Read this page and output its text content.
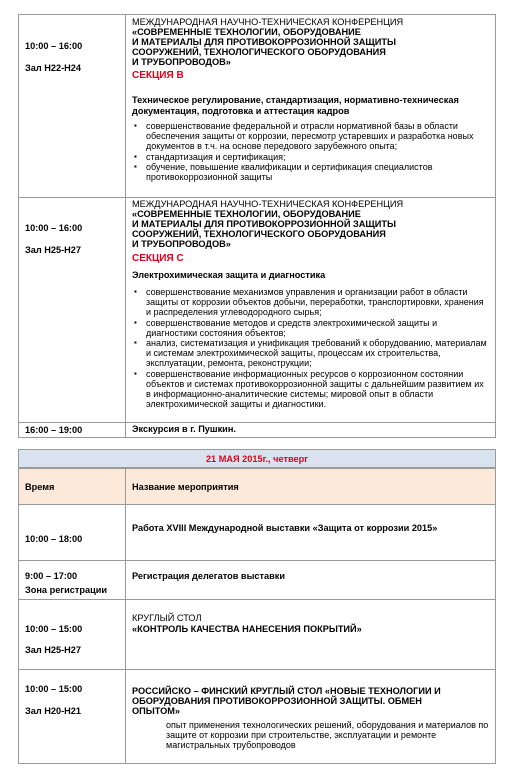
10:00 – 16:00
Зал Н22-Н24
МЕЖДУНАРОДНАЯ НАУЧНО-ТЕХНИЧЕСКАЯ КОНФЕРЕНЦИЯ
«СОВРЕМЕННЫЕ ТЕХНОЛОГИИ, ОБОРУДОВАНИЕ
И МАТЕРИАЛЫ ДЛЯ ПРОТИВОКОРРОЗИОННОЙ ЗАЩИТЫ
СООРУЖЕНИЙ, ТЕХНОЛОГИЧЕСКОГО ОБОРУДОВАНИЯ
И ТРУБОПРОВОДОВ»
СЕКЦИЯ В
Техническое регулирование, стандартизация, нормативно-техническая
документация, подготовка и аттестация кадров
▪ совершенствование федеральной и отрасли нормативной базы в области обеспечения защиты от коррозии, пересмотр устаревших и разработка новых документов в т.ч. на основе передового зарубежного опыта;
▪ стандартизация и сертификация;
▪ обучение, повышение квалификации и сертификация специалистов противокоррозионной защиты
10:00 – 16:00
Зал Н25-Н27
МЕЖДУНАРОДНАЯ НАУЧНО-ТЕХНИЧЕСКАЯ КОНФЕРЕНЦИЯ
«СОВРЕМЕННЫЕ ТЕХНОЛОГИИ, ОБОРУДОВАНИЕ
И МАТЕРИАЛЫ ДЛЯ ПРОТИВОКОРРОЗИОННОЙ ЗАЩИТЫ
СООРУЖЕНИЙ, ТЕХНОЛОГИЧЕСКОГО ОБОРУДОВАНИЯ
И ТРУБОПРОВОДОВ»
СЕКЦИЯ С
Электрохимическая защита и диагностика
▪ совершенствование механизмов управления и организации работ в области защиты от коррозии объектов добычи, переработки, транспортировки, хранения и распределения углеводородного сырья;
▪ совершенствование методов и средств электрохимической защиты и диагностики состояния объектов;
▪ анализ, систематизация и унификация требований к оборудованию, материалам и системам электрохимической защиты, процессам их строительства, эксплуатации, ремонта, реконструкции;
▪ совершенствование информационных ресурсов о коррозионном состоянии объектов и системах противокоррозионной защиты с дальнейшим развитием их в информационно-аналитические системы; мировой опыт в области электрохимической защиты и диагностики.
16:00 – 19:00	Экскурсия в г. Пушкин.
21 МАЯ 2015г., четверг
Время	Название мероприятия
10:00 – 18:00
Работа XVIII Международной выставки «Защита от коррозии 2015»
9:00 – 17:00
Зона регистрации
Регистрация делегатов выставки
10:00 – 15:00
Зал Н25-Н27
КРУГЛЫЙ СТОЛ
«КОНТРОЛЬ КАЧЕСТВА НАНЕСЕНИЯ ПОКРЫТИЙ»
10:00 – 15:00
Зал Н20-Н21
РОССИЙСКО – ФИНСКИЙ КРУГЛЫЙ СТОЛ «НОВЫЕ ТЕХНОЛОГИИ И
ОБОРУДОВАНИЯ ПРОТИВОКОРРОЗИОННОЙ ЗАЩИТЫ. ОБМЕН
ОПЫТОМ»
опыт применения технологических решений, оборудования и материалов по защите от коррозии при строительстве, эксплуатации и ремонте магистральных трубопроводов
